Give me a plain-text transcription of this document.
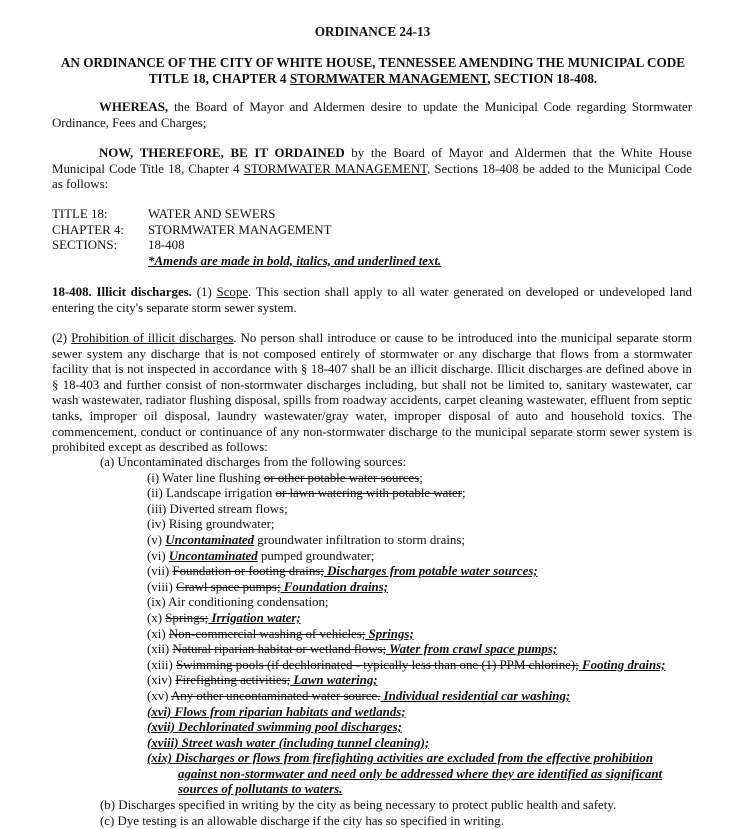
ORDINANCE 24-13
AN ORDINANCE OF THE CITY OF WHITE HOUSE, TENNESSEE AMENDING THE MUNICIPAL CODE TITLE 18, CHAPTER 4 STORMWATER MANAGEMENT, SECTION 18-408.
WHEREAS, the Board of Mayor and Aldermen desire to update the Municipal Code regarding Stormwater Ordinance, Fees and Charges;
NOW, THEREFORE, BE IT ORDAINED by the Board of Mayor and Aldermen that the White House Municipal Code Title 18, Chapter 4 STORMWATER MANAGEMENT, Sections 18-408 be added to the Municipal Code as follows:
TITLE 18:	WATER AND SEWERS
CHAPTER 4:	STORMWATER MANAGEMENT
SECTIONS:	18-408
	*Amends are made in bold, italics, and underlined text.
18-408. Illicit discharges. (1) Scope. This section shall apply to all water generated on developed or undeveloped land entering the city's separate storm sewer system.
(2) Prohibition of illicit discharges. No person shall introduce or cause to be introduced into the municipal separate storm sewer system any discharge that is not composed entirely of stormwater or any discharge that flows from a stormwater facility that is not inspected in accordance with § 18-407 shall be an illicit discharge. Illicit discharges are defined above in § 18-403 and further consist of non-stormwater discharges including, but shall not be limited to, sanitary wastewater, car wash wastewater, radiator flushing disposal, spills from roadway accidents, carpet cleaning wastewater, effluent from septic tanks, improper oil disposal, laundry wastewater/gray water, improper disposal of auto and household toxics. The commencement, conduct or continuance of any non-stormwater discharge to the municipal separate storm sewer system is prohibited except as described as follows:
(a) Uncontaminated discharges from the following sources:
(i) Water line flushing or other potable water sources;
(ii) Landscape irrigation or lawn watering with potable water;
(iii) Diverted stream flows;
(iv) Rising groundwater;
(v) Uncontaminated groundwater infiltration to storm drains;
(vi) Uncontaminated pumped groundwater;
(vii) Foundation or footing drains; Discharges from potable water sources;
(viii) Crawl space pumps; Foundation drains;
(ix) Air conditioning condensation;
(x) Springs; Irrigation water;
(xi) Non-commercial washing of vehicles; Springs;
(xii) Natural riparian habitat or wetland flows; Water from crawl space pumps;
(xiii) Swimming pools (if dechlorinated - typically less than one (1) PPM chlorine); Footing drains;
(xiv) Firefighting activities; Lawn watering;
(xv) Any other uncontaminated water source. Individual residential car washing;
(xvi) Flows from riparian habitats and wetlands;
(xvii) Dechlorinated swimming pool discharges;
(xviii) Street wash water (including tunnel cleaning);
(xix) Discharges or flows from firefighting activities are excluded from the effective prohibition
against non-stormwater and need only be addressed where they are identified as significant
sources of pollutants to waters.
(b) Discharges specified in writing by the city as being necessary to protect public health and safety.
(c) Dye testing is an allowable discharge if the city has so specified in writing.
